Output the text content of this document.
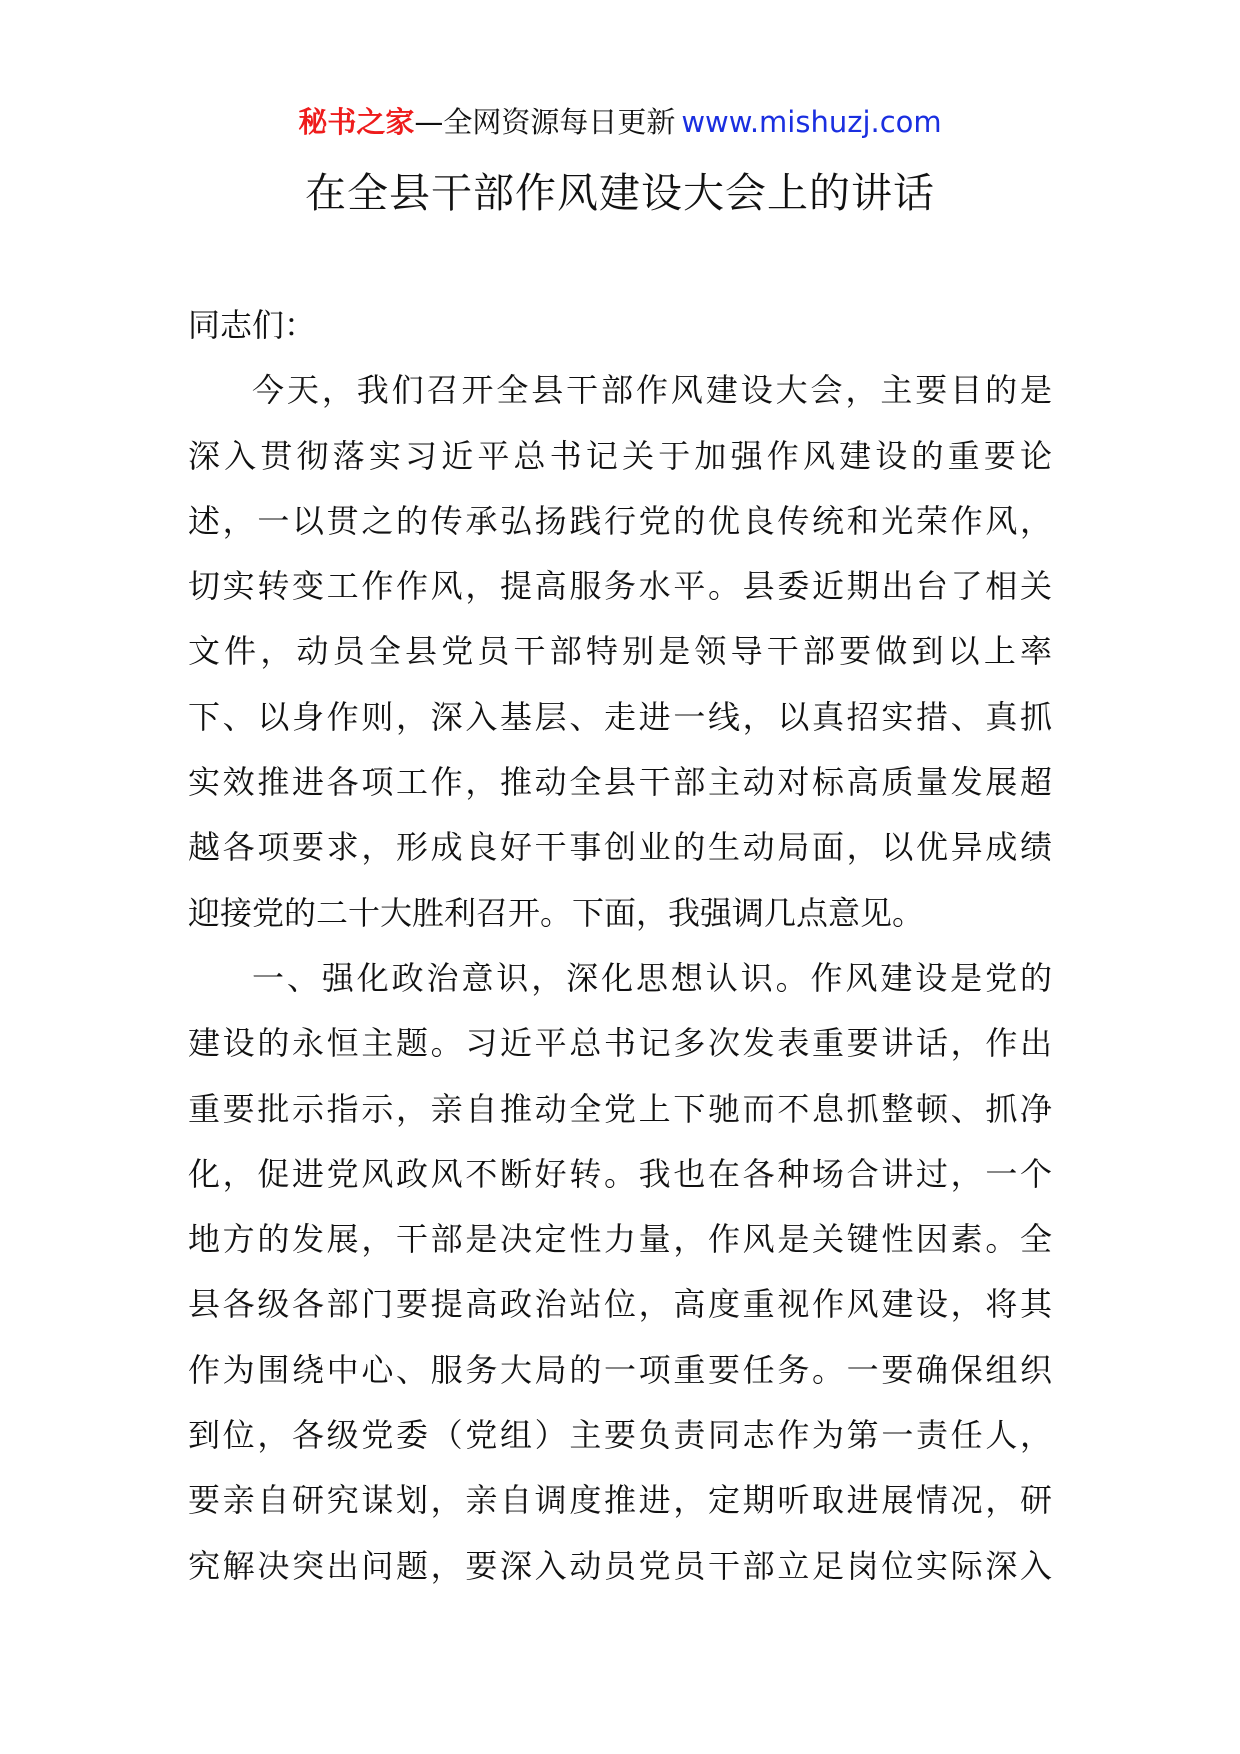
秘书之家—全网资源每日更新 www.mishuzj.com
在全县干部作风建设大会上的讲话
同志们：
今天，我们召开全县干部作风建设大会，主要目的是
深入贯彻落实习近平总书记关于加强作风建设的重要论
述，一以贯之的传承弘扬践行党的优良传统和光荣作风，
切实转变工作作风，提高服务水平。县委近期出台了相关
文件，动员全县党员干部特别是领导干部要做到以上率
下、以身作则，深入基层、走进一线，以真招实措、真抓
实效推进各项工作，推动全县干部主动对标高质量发展超
越各项要求，形成良好干事创业的生动局面，以优异成绩
迎接党的二十大胜利召开。下面，我强调几点意见。
一、强化政治意识，深化思想认识。作风建设是党的
建设的永恒主题。习近平总书记多次发表重要讲话，作出
重要批示指示，亲自推动全党上下驰而不息抓整顿、抓净
化，促进党风政风不断好转。我也在各种场合讲过，一个
地方的发展，干部是决定性力量，作风是关键性因素。全
县各级各部门要提高政治站位，高度重视作风建设，将其
作为围绕中心、服务大局的一项重要任务。一要确保组织
到位，各级党委（党组）主要负责同志作为第一责任人，
要亲自研究谋划，亲自调度推进，定期听取进展情况，研
究解决突出问题，要深入动员党员干部立足岗位实际深入
